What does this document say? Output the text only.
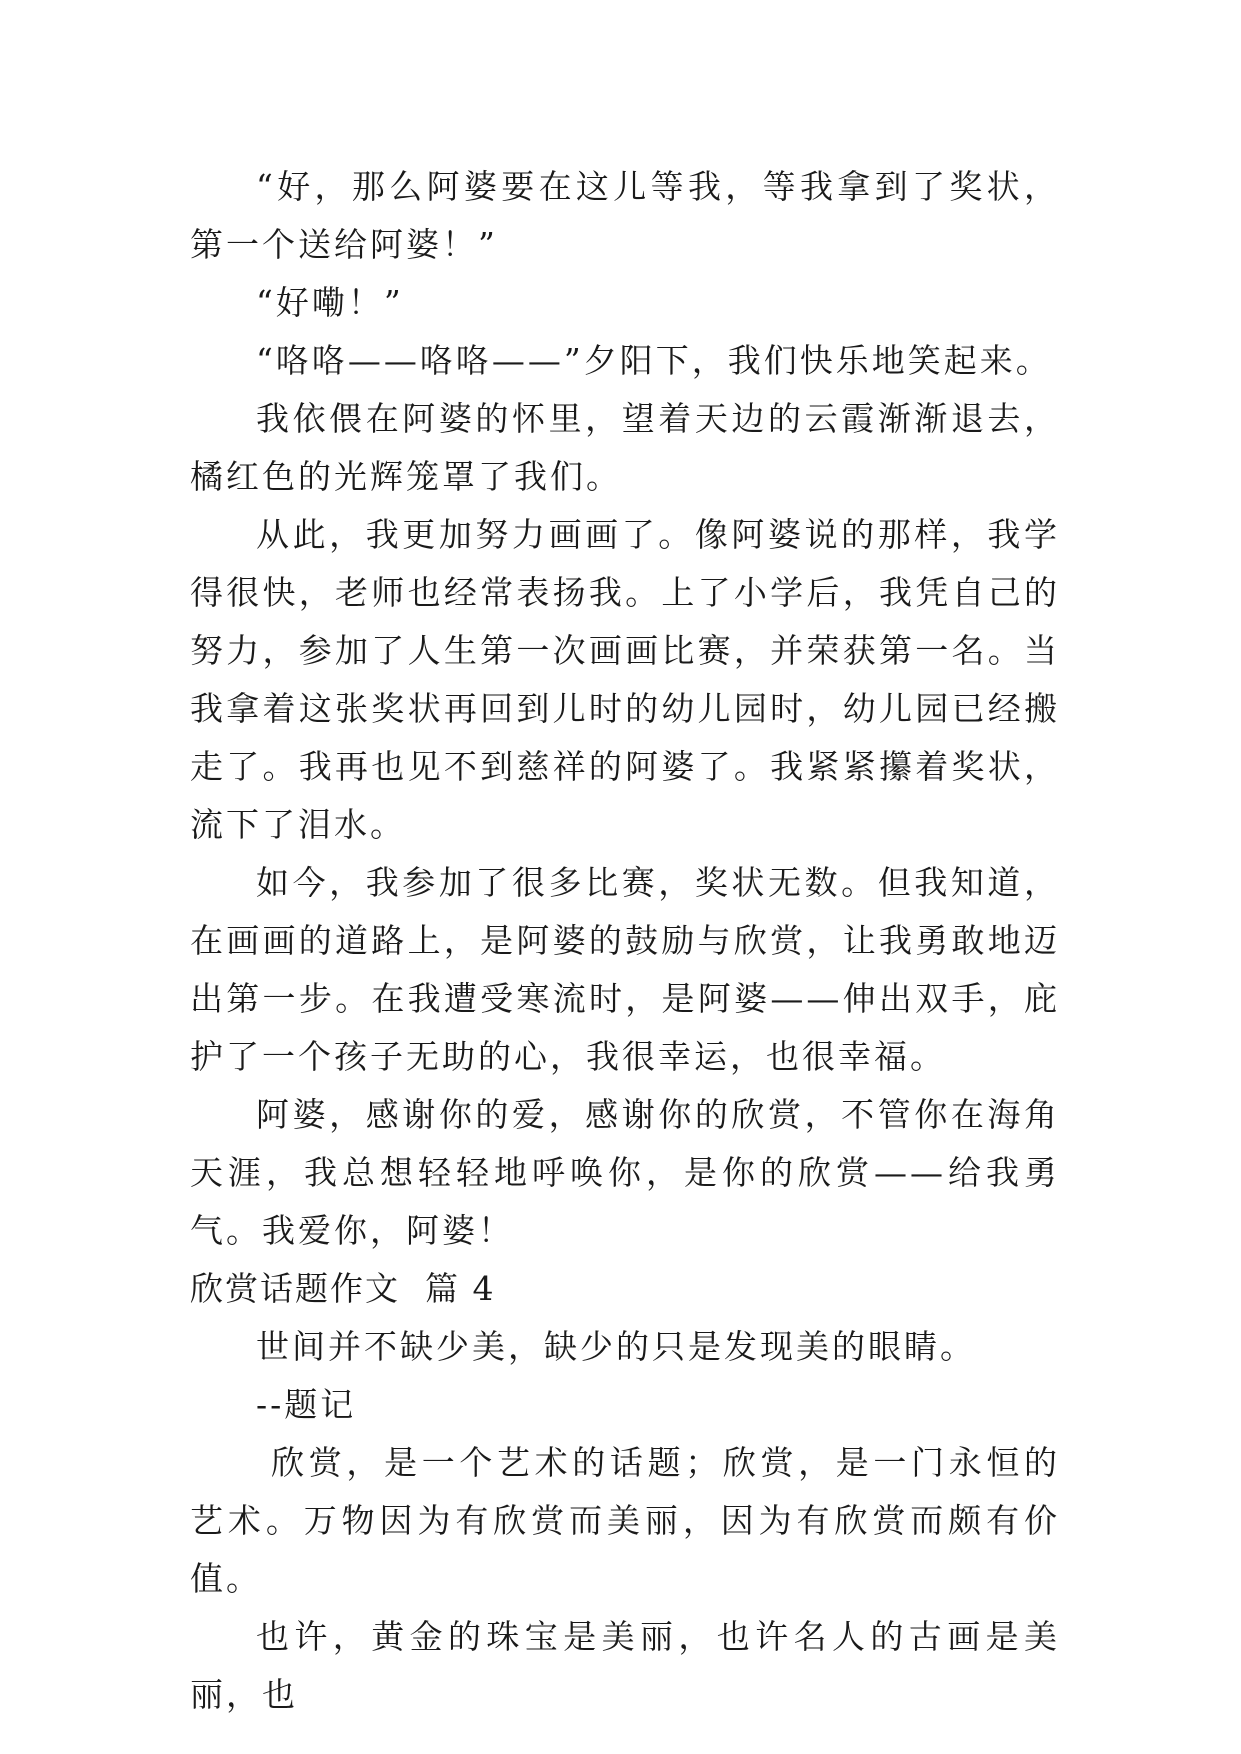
“好，那么阿婆要在这儿等我，等我拿到了奖状，第一个送给阿婆！”

“好嘞！”

“咯咯——咯咯——”夕阳下，我们快乐地笑起来。

我依偎在阿婆的怀里，望着天边的云霞渐渐退去，橘红色的光辉笼罩了我们。

从此，我更加努力画画了。像阿婆说的那样，我学得很快，老师也经常表扬我。上了小学后，我凭自己的努力，参加了人生第一次画画比赛，并荣获第一名。当我拿着这张奖状再回到儿时的幼儿园时，幼儿园已经搬走了。我再也见不到慈祥的阿婆了。我紧紧攥着奖状，流下了泪水。

如今，我参加了很多比赛，奖状无数。但我知道，在画画的道路上，是阿婆的鼓励与欣赏，让我勇敢地迈出第一步。在我遭受寒流时，是阿婆——伸出双手，庇护了一个孩子无助的心，我很幸运，也很幸福。

阿婆，感谢你的爱，感谢你的欣赏，不管你在海角天涯，我总想轻轻地呼唤你，是你的欣赏——给我勇气。我爱你，阿婆！

欣赏话题作文  篇 4

世间并不缺少美，缺少的只是发现美的眼睛。

--题记

欣赏，是一个艺术的话题；欣赏，是一门永恒的艺术。万物因为有欣赏而美丽，因为有欣赏而颇有价值。

也许，黄金的珠宝是美丽，也许名人的古画是美丽，也
